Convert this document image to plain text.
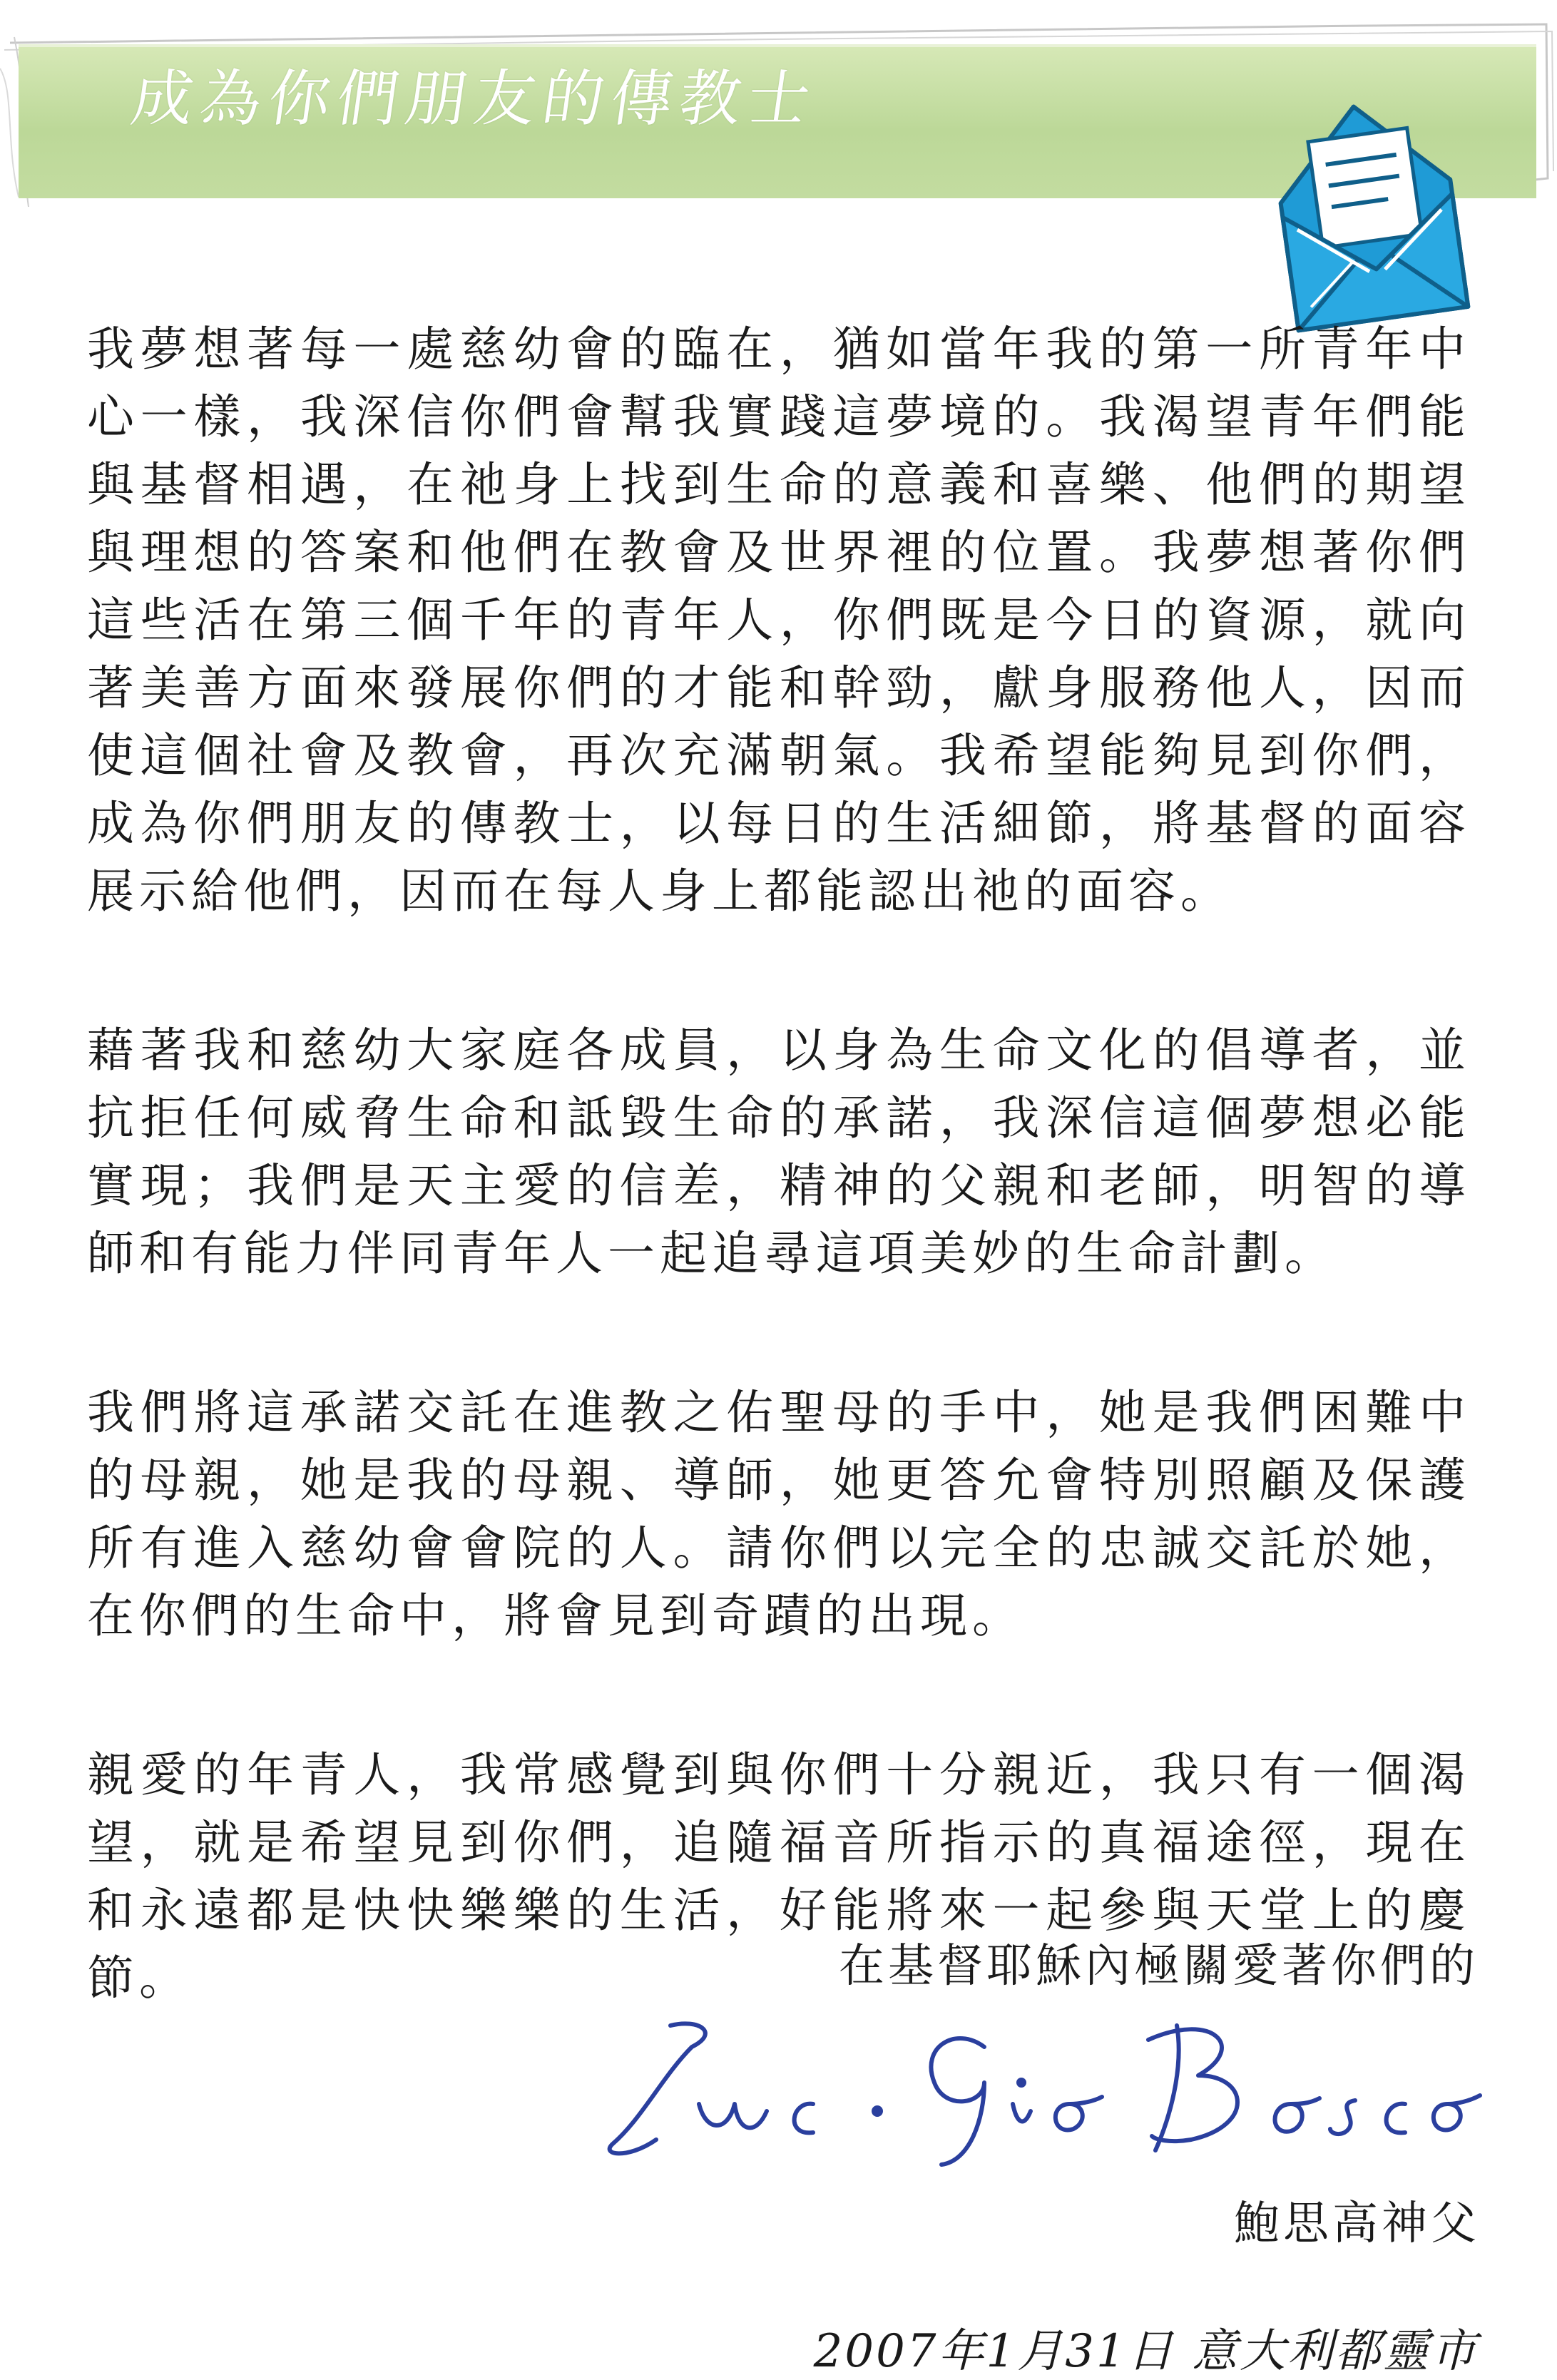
成為你們朋友的傳教士

我夢想著每一處慈幼會的臨在，猶如當年我的第一所青年中心一樣，我深信你們會幫我實踐這夢境的。我渴望青年們能與基督相遇，在祂身上找到生命的意義和喜樂、他們的期望與理想的答案和他們在教會及世界裡的位置。我夢想著你們這些活在第三個千年的青年人，你們既是今日的資源，就向著美善方面來發展你們的才能和幹勁，獻身服務他人，因而使這個社會及教會，再次充滿朝氣。我希望能夠見到你們，成為你們朋友的傳教士，以每日的生活細節，將基督的面容展示給他們，因而在每人身上都能認出祂的面容。

藉著我和慈幼大家庭各成員，以身為生命文化的倡導者，並抗拒任何威脅生命和詆毀生命的承諾，我深信這個夢想必能實現；我們是天主愛的信差，精神的父親和老師，明智的導師和有能力伴同青年人一起追尋這項美妙的生命計劃。

我們將這承諾交託在進教之佑聖母的手中，她是我們困難中的母親，她是我的母親、導師，她更答允會特別照顧及保護所有進入慈幼會會院的人。請你們以完全的忠誠交託於她，在你們的生命中，將會見到奇蹟的出現。

親愛的年青人，我常感覺到與你們十分親近，我只有一個渴望，就是希望見到你們，追隨福音所指示的真福途徑，現在和永遠都是快快樂樂的生活，好能將來一起參與天堂上的慶節。	在基督耶穌內極關愛著你們的
鮑思高神父
2007年1月31日 意大利都靈市
